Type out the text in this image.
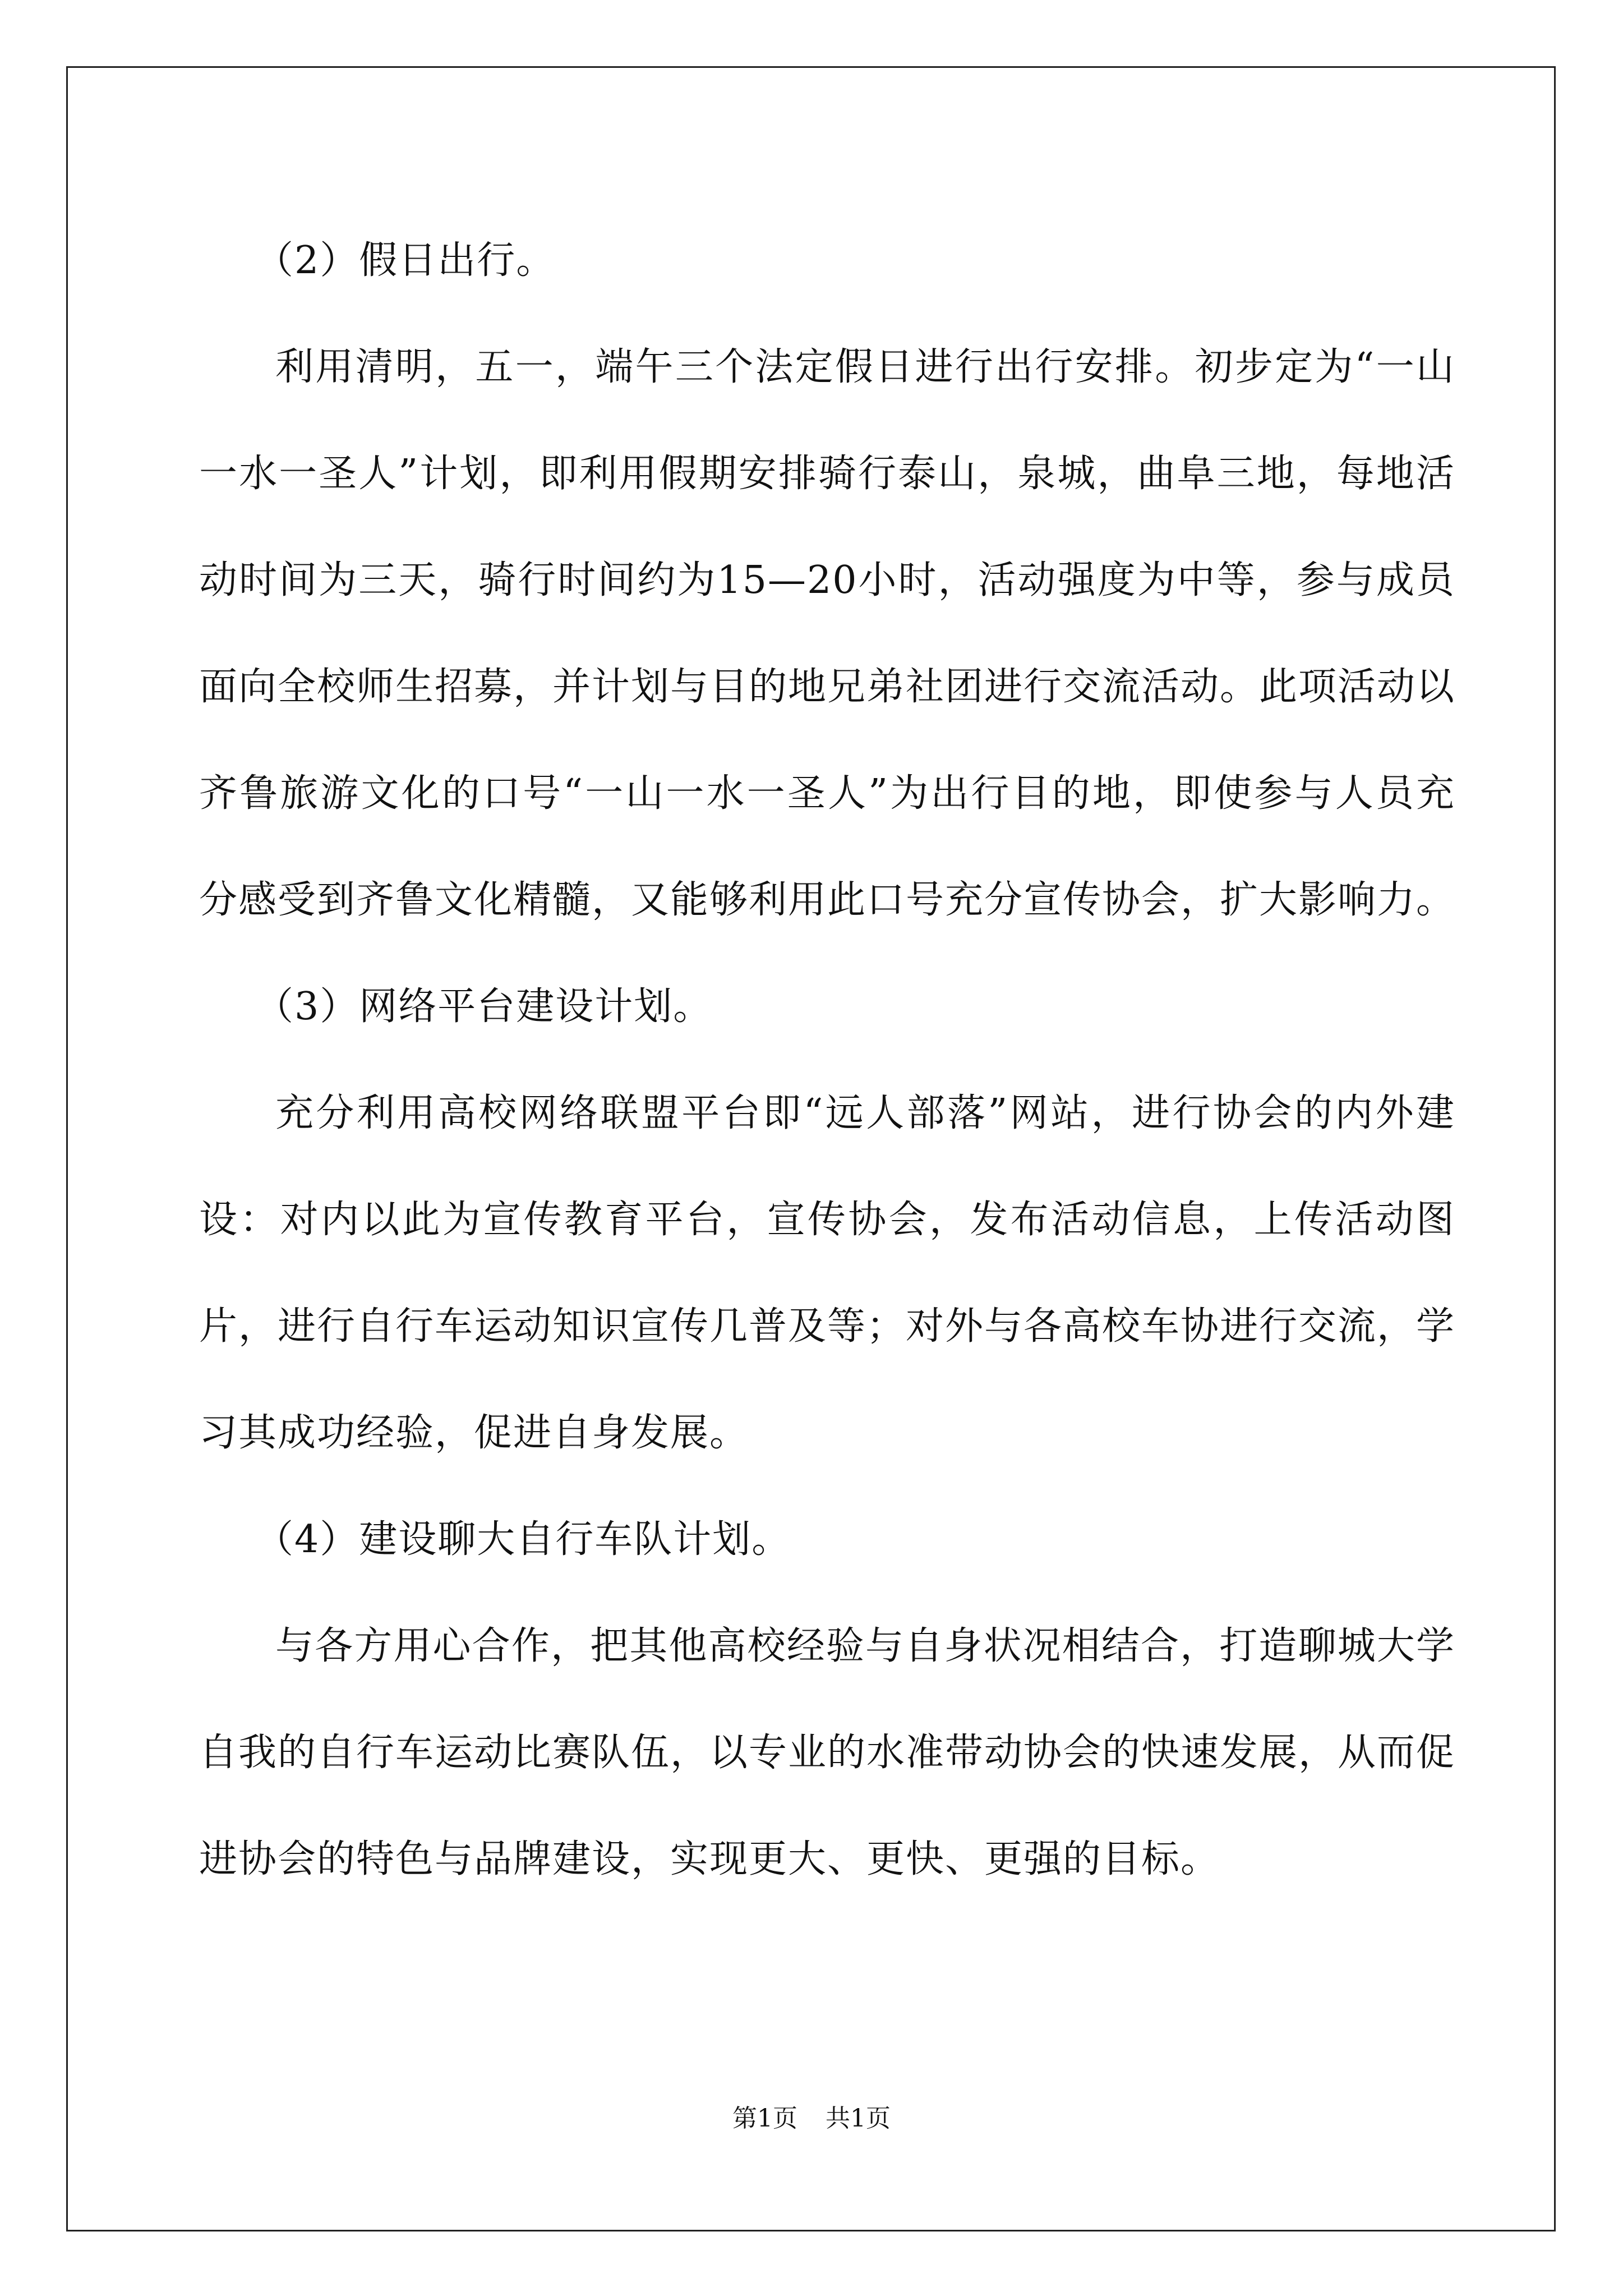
（2）假日出行。

利用清明，五一，端午三个法定假日进行出行安排。初步定为“一山一水一圣人”计划，即利用假期安排骑行泰山，泉城，曲阜三地，每地活动时间为三天，骑行时间约为15—20小时，活动强度为中等，参与成员面向全校师生招募，并计划与目的地兄弟社团进行交流活动。此项活动以齐鲁旅游文化的口号“一山一水一圣人”为出行目的地，即使参与人员充分感受到齐鲁文化精髓，又能够利用此口号充分宣传协会，扩大影响力。

（3）网络平台建设计划。

充分利用高校网络联盟平台即“远人部落”网站，进行协会的内外建设：对内以此为宣传教育平台，宣传协会，发布活动信息，上传活动图片，进行自行车运动知识宣传几普及等；对外与各高校车协进行交流，学习其成功经验，促进自身发展。

（4）建设聊大自行车队计划。

与各方用心合作，把其他高校经验与自身状况相结合，打造聊城大学自我的自行车运动比赛队伍，以专业的水准带动协会的快速发展，从而促进协会的特色与品牌建设，实现更大、更快、更强的目标。

第1页 共1页
